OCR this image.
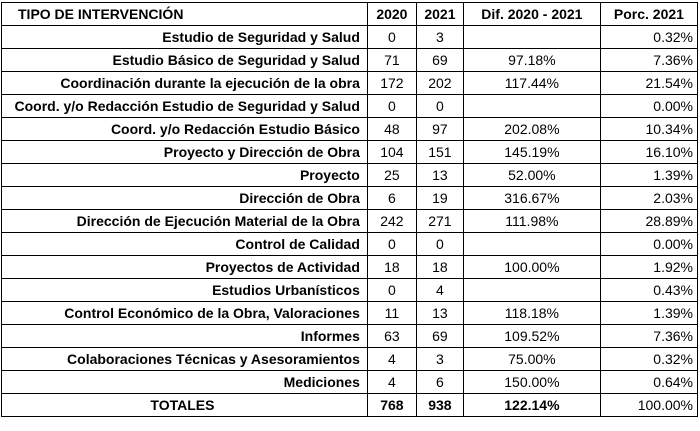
TIPO DE INTERVENCIÓN	2020	2021	Dif. 2020 - 2021	Porc. 2021
Estudio de Seguridad y Salud	0	3		0.32%
Estudio Básico de Seguridad y Salud	71	69	97.18%	7.36%
Coordinación durante la ejecución de la obra	172	202	117.44%	21.54%
Coord. y/o Redacción Estudio de Seguridad y Salud	0	0		0.00%
Coord. y/o Redacción Estudio Básico	48	97	202.08%	10.34%
Proyecto y Dirección de Obra	104	151	145.19%	16.10%
Proyecto	25	13	52.00%	1.39%
Dirección de Obra	6	19	316.67%	2.03%
Dirección de Ejecución Material de la Obra	242	271	111.98%	28.89%
Control de Calidad	0	0		0.00%
Proyectos de Actividad	18	18	100.00%	1.92%
Estudios Urbanísticos	0	4		0.43%
Control Económico de la Obra, Valoraciones	11	13	118.18%	1.39%
Informes	63	69	109.52%	7.36%
Colaboraciones Técnicas y Asesoramientos	4	3	75.00%	0.32%
Mediciones	4	6	150.00%	0.64%
TOTALES	768	938	122.14%	100.00%
